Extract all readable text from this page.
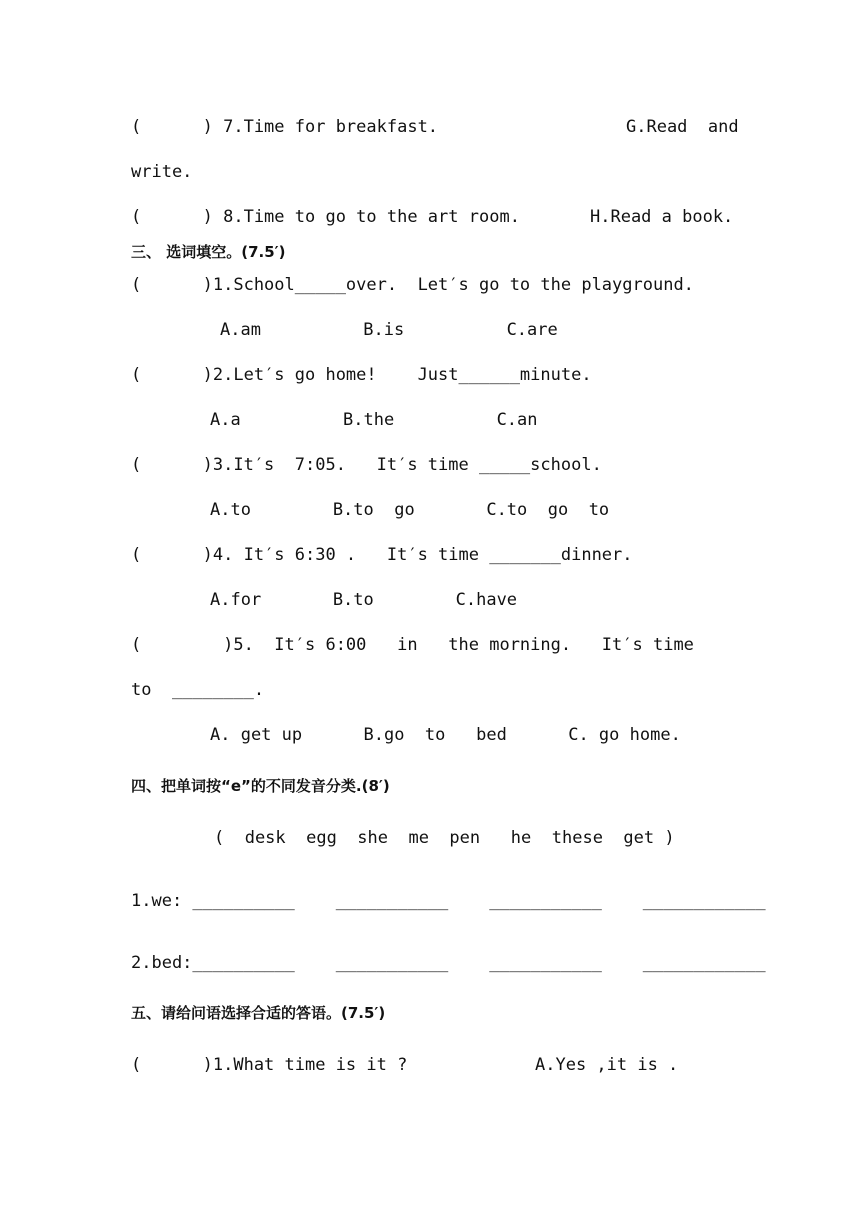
(      ) 7.Time for breakfast.	G.Read  and
write.
(      ) 8.Time to go to the art room.	H.Read a book.
三、 选词填空。(7.5′)
(      )1.School_____over.  Let′s go to the playground.
A.am          B.is          C.are
(      )2.Let′s go home!    Just______minute.
A.a          B.the          C.an
(      )3.It′s  7:05.   It′s time _____school.
A.to        B.to  go       C.to  go  to
(      )4. It′s 6:30 .   It′s time _______dinner.
A.for       B.to        C.have
(        )5.  It′s 6:00   in   the morning.   It′s time
to  ________.
A. get up      B.go  to   bed      C. go home.
四、把单词按“e”的不同发音分类.(8′)
(  desk  egg  she  me  pen   he  these  get )
1.we: __________    ___________    ___________    ____________
2.bed:__________    ___________    ___________    ____________
五、请给问语选择合适的答语。(7.5′)
(      )1.What time is it ?	A.Yes ,it is .
